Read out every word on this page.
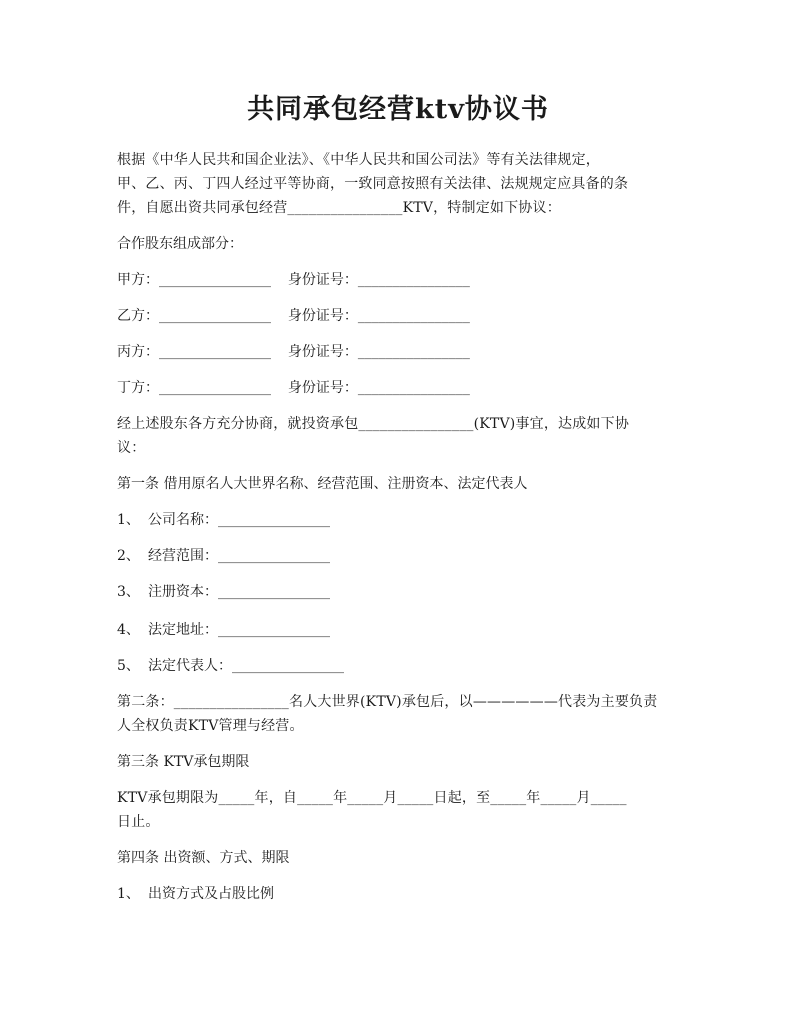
共同承包经营ktv协议书
根据《中华人民共和国企业法》、《中华人民共和国公司法》等有关法律规定，
甲、乙、丙、丁四人经过平等协商，一致同意按照有关法律、法规规定应具备的条
件，自愿出资共同承包经营________________KTV，特制定如下协议：
合作股东组成部分：
甲方：________________ 身份证号：________________
乙方：________________ 身份证号：________________
丙方：________________ 身份证号：________________
丁方：________________ 身份证号：________________
经上述股东各方充分协商，就投资承包________________(KTV)事宜，达成如下协
议：
第一条 借用原名人大世界名称、经营范围、注册资本、法定代表人
1、 公司名称：________________
2、 经营范围：________________
3、 注册资本：________________
4、 法定地址：________________
5、 法定代表人：________________
第二条：________________名人大世界(KTV)承包后，以——————代表为主要负责
人全权负责KTV管理与经营。
第三条 KTV承包期限
KTV承包期限为_____年，自_____年_____月_____日起，至_____年_____月_____
日止。
第四条 出资额、方式、期限
1、 出资方式及占股比例
